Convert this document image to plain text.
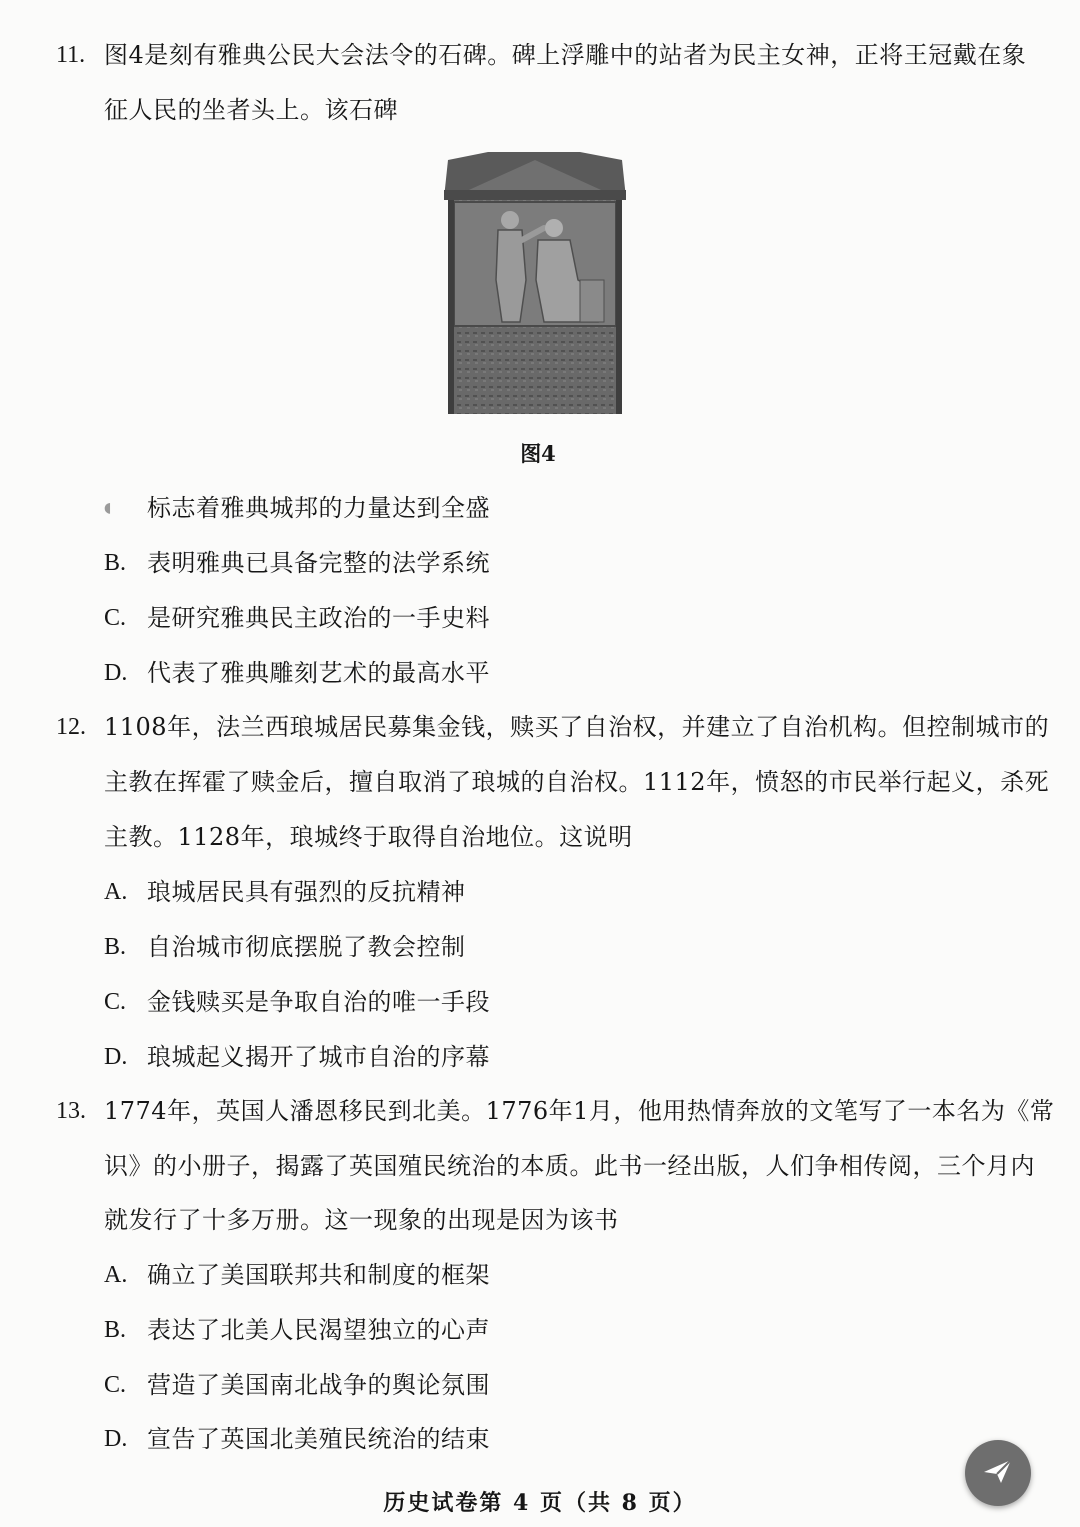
11. 图4是刻有雅典公民大会法令的石碑。碑上浮雕中的站者为民主女神，正将王冠戴在象
征人民的坐者头上。该石碑
图4
◖ 标志着雅典城邦的力量达到全盛
B. 表明雅典已具备完整的法学系统
C. 是研究雅典民主政治的一手史料
D. 代表了雅典雕刻艺术的最高水平
12. 1108年，法兰西琅城居民募集金钱，赎买了自治权，并建立了自治机构。但控制城市的
主教在挥霍了赎金后，擅自取消了琅城的自治权。1112年，愤怒的市民举行起义，杀死
主教。1128年，琅城终于取得自治地位。这说明
A. 琅城居民具有强烈的反抗精神
B. 自治城市彻底摆脱了教会控制
C. 金钱赎买是争取自治的唯一手段
D. 琅城起义揭开了城市自治的序幕
13. 1774年，英国人潘恩移民到北美。1776年1月，他用热情奔放的文笔写了一本名为《常
识》的小册子，揭露了英国殖民统治的本质。此书一经出版，人们争相传阅，三个月内
就发行了十多万册。这一现象的出现是因为该书
A. 确立了美国联邦共和制度的框架
B. 表达了北美人民渴望独立的心声
C. 营造了美国南北战争的舆论氛围
D. 宣告了英国北美殖民统治的结束
历史试卷第 4 页（共 8 页）
